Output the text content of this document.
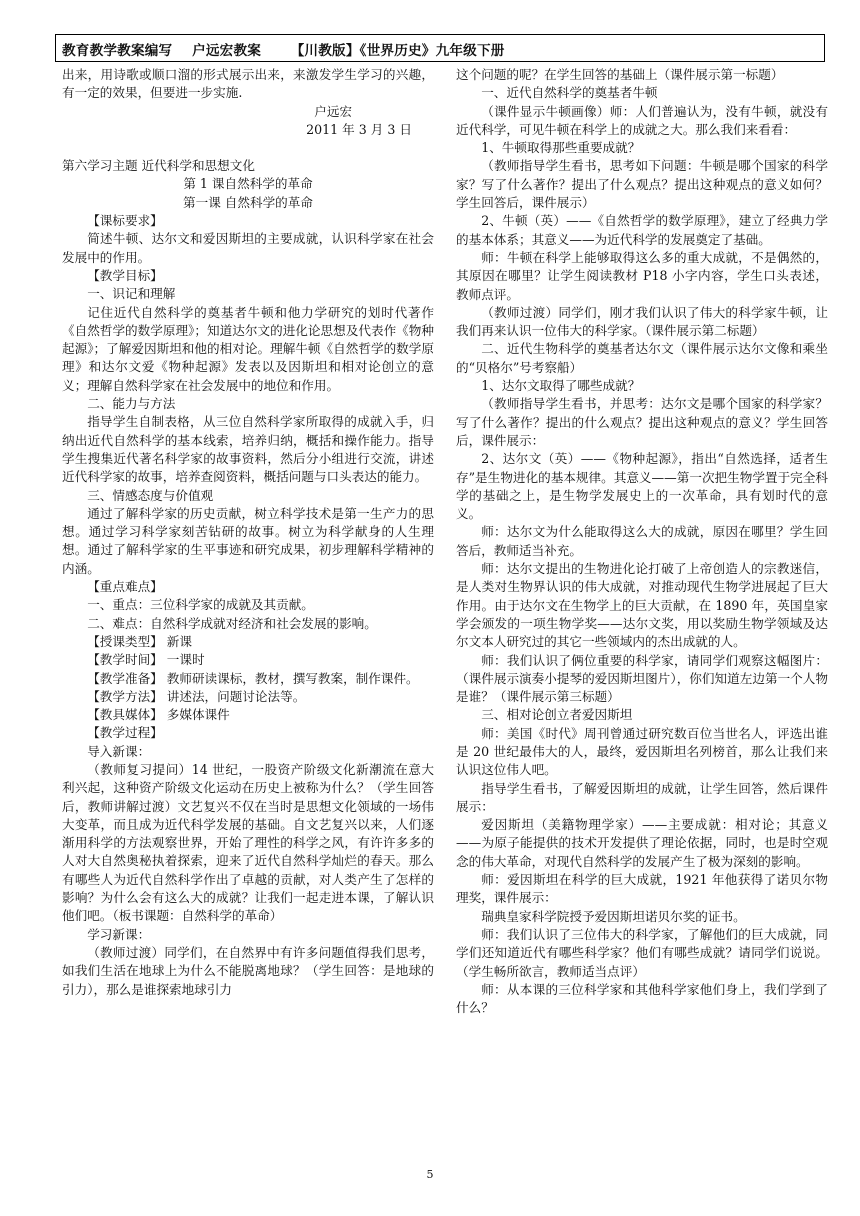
教育教学教案编写    户远宏教案      【川教版】《世界历史》九年级下册

出来，用诗歌或顺口溜的形式展示出来，来激发学生学习的兴趣，有一定的效果，但要进一步实施.

户远宏

2011 年 3 月 3 日

第六学习主题 近代科学和思想文化

第 1 课自然科学的革命

第一课 自然科学的革命

【课标要求】

简述牛顿、达尔文和爱因斯坦的主要成就，认识科学家在社会发展中的作用。

【教学目标】

一、识记和理解

记住近代自然科学的奠基者牛顿和他力学研究的划时代著作《自然哲学的数学原理》；知道达尔文的进化论思想及代表作《物种起源》；了解爱因斯坦和他的相对论。理解牛顿《自然哲学的数学原理》和达尔文爱《物种起源》发表以及因斯坦和相对论创立的意义；理解自然科学家在社会发展中的地位和作用。

二、能力与方法

指导学生自制表格，从三位自然科学家所取得的成就入手，归纳出近代自然科学的基本线索，培养归纳，概括和操作能力。指导学生搜集近代著名科学家的故事资料，然后分小组进行交流，讲述近代科学家的故事，培养查阅资料，概括问题与口头表达的能力。

三、情感态度与价值观

通过了解科学家的历史贡献，树立科学技术是第一生产力的思想。通过学习科学家刻苦钻研的故事。树立为科学献身的人生理想。通过了解科学家的生平事迹和研究成果，初步理解科学精神的内涵。

【重点难点】

一、重点：三位科学家的成就及其贡献。

二、难点：自然科学成就对经济和社会发展的影响。

【授课类型】 新课

【教学时间】 一课时

【教学准备】 教师研读课标，教材，撰写教案，制作课件。

【教学方法】 讲述法，问题讨论法等。

【教具媒体】 多媒体课件

【教学过程】

导入新课：

（教师复习提问）14 世纪，一股资产阶级文化新潮流在意大利兴起，这种资产阶级文化运动在历史上被称为什么？（学生回答后，教师讲解过渡）文艺复兴不仅在当时是思想文化领域的一场伟大变革，而且成为近代科学发展的基础。自文艺复兴以来，人们逐渐用科学的方法观察世界，开始了理性的科学之风，有许许多多的人对大自然奥秘执着探索，迎来了近代自然科学灿烂的春天。那么有哪些人为近代自然科学作出了卓越的贡献，对人类产生了怎样的影响？为什么会有这么大的成就？让我们一起走进本课，了解认识他们吧。（板书课题：自然科学的革命）

学习新课：

（教师过渡）同学们，在自然界中有许多问题值得我们思考，如我们生活在地球上为什么不能脱离地球？（学生回答：是地球的引力），那么是谁探索地球引力

这个问题的呢？在学生回答的基础上（课件展示第一标题）

一、近代自然科学的奠基者牛顿

（课件显示牛顿画像）师：人们普遍认为，没有牛顿，就没有近代科学，可见牛顿在科学上的成就之大。那么我们来看看：

1、牛顿取得那些重要成就？

（教师指导学生看书，思考如下问题：牛顿是哪个国家的科学家？写了什么著作？提出了什么观点？提出这种观点的意义如何？学生回答后，课件展示）

2、牛顿（英）——《自然哲学的数学原理》，建立了经典力学的基本体系；其意义——为近代科学的发展奠定了基础。

师：牛顿在科学上能够取得这么多的重大成就，不是偶然的，其原因在哪里？让学生阅读教材 P18 小字内容，学生口头表述，教师点评。

（教师过渡）同学们，刚才我们认识了伟大的科学家牛顿，让我们再来认识一位伟大的科学家。（课件展示第二标题）

二、近代生物科学的奠基者达尔文（课件展示达尔文像和乘坐的“贝格尔”号考察船）

1、达尔文取得了哪些成就？

（教师指导学生看书，并思考：达尔文是哪个国家的科学家？写了什么著作？提出的什么观点？提出这种观点的意义？学生回答后，课件展示：

2、达尔文（英）——《物种起源》，指出“自然选择，适者生存”是生物进化的基本规律。其意义——第一次把生物学置于完全科学的基础之上，是生物学发展史上的一次革命，具有划时代的意义。

师：达尔文为什么能取得这么大的成就，原因在哪里？学生回答后，教师适当补充。

师：达尔文提出的生物进化论打破了上帝创造人的宗教迷信，是人类对生物界认识的伟大成就，对推动现代生物学进展起了巨大作用。由于达尔文在生物学上的巨大贡献，在 1890 年，英国皇家学会颁发的一项生物学奖——达尔文奖，用以奖励生物学领域及达尔文本人研究过的其它一些领域内的杰出成就的人。

师：我们认识了俩位重要的科学家，请同学们观察这幅图片：（课件展示演奏小提琴的爱因斯坦图片），你们知道左边第一个人物是谁？（课件展示第三标题）

三、相对论创立者爱因斯坦

师：美国《时代》周刊曾通过研究数百位当世名人，评选出谁是 20 世纪最伟大的人，最终，爱因斯坦名列榜首，那么让我们来认识这位伟人吧。

指导学生看书，了解爱因斯坦的成就，让学生回答，然后课件展示：

爱因斯坦（美籍物理学家）——主要成就：相对论；其意义——为原子能提供的技术开发提供了理论依据，同时，也是时空观念的伟大革命，对现代自然科学的发展产生了极为深刻的影响。

师：爱因斯坦在科学的巨大成就，1921 年他获得了诺贝尔物理奖，课件展示：

瑞典皇家科学院授予爱因斯坦诺贝尔奖的证书。

师：我们认识了三位伟大的科学家，了解他们的巨大成就，同学们还知道近代有哪些科学家？他们有哪些成就？请同学们说说。（学生畅所欲言，教师适当点评）

师：从本课的三位科学家和其他科学家他们身上，我们学到了什么？

5
